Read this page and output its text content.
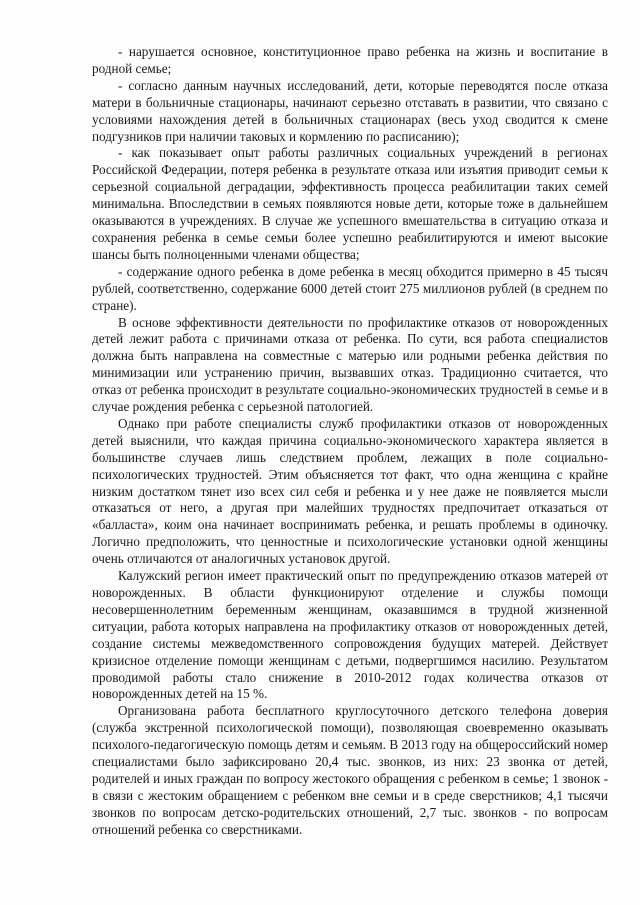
- нарушается основное, конституционное право ребенка на жизнь и воспитание в родной семье;

- согласно данным научных исследований, дети, которые переводятся после отказа матери в больничные стационары, начинают серьезно отставать в развитии, что связано с условиями нахождения детей в больничных стационарах (весь уход сводится к смене подгузников при наличии таковых и кормлению по расписанию);

- как показывает опыт работы различных социальных учреждений в регионах Российской Федерации, потеря ребенка в результате отказа или изъятия приводит семьи к серьезной социальной деградации, эффективность процесса реабилитации таких семей минимальна. Впоследствии в семьях появляются новые дети, которые тоже в дальнейшем оказываются в учреждениях. В случае же успешного вмешательства в ситуацию отказа и сохранения ребенка в семье семьи более успешно реабилитируются и имеют высокие шансы быть полноценными членами общества;

- содержание одного ребенка в доме ребенка в месяц обходится примерно в 45 тысяч рублей, соответственно, содержание 6000 детей стоит 275 миллионов рублей (в среднем по стране).

В основе эффективности деятельности по профилактике отказов от новорожденных детей лежит работа с причинами отказа от ребенка. По сути, вся работа специалистов должна быть направлена на совместные с матерью или родными ребенка действия по минимизации или устранению причин, вызвавших отказ. Традиционно считается, что отказ от ребенка происходит в результате социально-экономических трудностей в семье и в случае рождения ребенка с серьезной патологией.

Однако при работе специалисты служб профилактики отказов от новорожденных детей выяснили, что каждая причина социально-экономического характера является в большинстве случаев лишь следствием проблем, лежащих в поле социально-психологических трудностей. Этим объясняется тот факт, что одна женщина с крайне низким достатком тянет изо всех сил себя и ребенка и у нее даже не появляется мысли отказаться от него, а другая при малейших трудностях предпочитает отказаться от «балласта», коим она начинает воспринимать ребенка, и решать проблемы в одиночку. Логично предположить, что ценностные и психологические установки одной женщины очень отличаются от аналогичных установок другой.

Калужский регион имеет практический опыт по предупреждению отказов матерей от новорожденных. В области функционируют отделение и службы помощи несовершеннолетним беременным женщинам, оказавшимся в трудной жизненной ситуации, работа которых направлена на профилактику отказов от новорожденных детей, создание системы межведомственного сопровождения будущих матерей. Действует кризисное отделение помощи женщинам с детьми, подвергшимся насилию. Результатом проводимой работы стало снижение в 2010-2012 годах количества отказов от новорожденных детей на 15 %.

Организована работа бесплатного круглосуточного детского телефона доверия (служба экстренной психологической помощи), позволяющая своевременно оказывать психолого-педагогическую помощь детям и семьям. В 2013 году на общероссийский номер специалистами было зафиксировано 20,4 тыс. звонков, из них: 23 звонка от детей, родителей и иных граждан по вопросу жестокого обращения с ребенком в семье; 1 звонок - в связи с жестоким обращением с ребенком вне семьи и в среде сверстников; 4,1 тысячи звонков по вопросам детско-родительских отношений, 2,7 тыс. звонков - по вопросам отношений ребенка со сверстниками.
